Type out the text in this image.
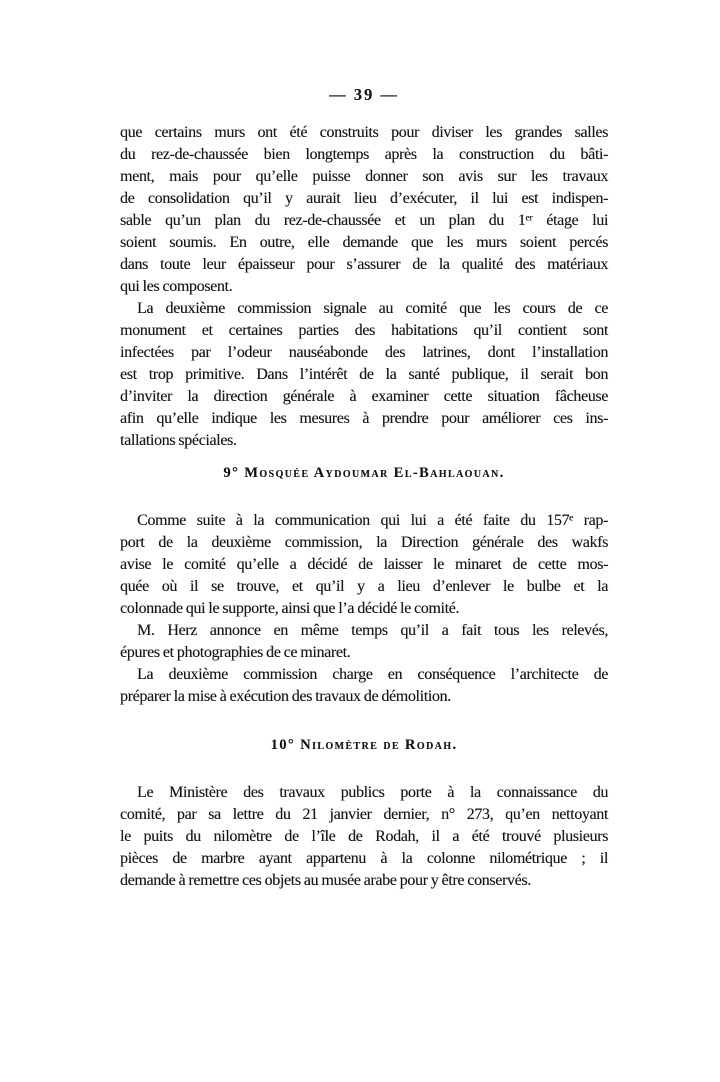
— 39 —
que certains murs ont été construits pour diviser les grandes salles
du rez-de-chaussée bien longtemps après la construction du bâti-
ment, mais pour qu’elle puisse donner son avis sur les travaux
de consolidation qu’il y aurait lieu d’exécuter, il lui est indispen-
sable qu’un plan du rez-de-chaussée et un plan du 1ᵉʳ étage lui
soient soumis. En outre, elle demande que les murs soient percés
dans toute leur épaisseur pour s’assurer de la qualité des matériaux
qui les composent.
La deuxième commission signale au comité que les cours de ce
monument et certaines parties des habitations qu’il contient sont
infectées par l’odeur nauséabonde des latrines, dont l’installation
est trop primitive. Dans l’intérêt de la santé publique, il serait bon
d’inviter la direction générale à examiner cette situation fâcheuse
afin qu’elle indique les mesures à prendre pour améliorer ces ins-
tallations spéciales.
9° Mosquée Aydoumar El-Bahlaouan.
Comme suite à la communication qui lui a été faite du 157ᵉ rap-
port de la deuxième commission, la Direction générale des wakfs
avise le comité qu’elle a décidé de laisser le minaret de cette mos-
quée où il se trouve, et qu’il y a lieu d’enlever le bulbe et la
colonnade qui le supporte, ainsi que l’a décidé le comité.
M. Herz annonce en même temps qu’il a fait tous les relevés,
épures et photographies de ce minaret.
La deuxième commission charge en conséquence l’architecte de
préparer la mise à exécution des travaux de démolition.
10° Nilomètre de Rodah.
Le Ministère des travaux publics porte à la connaissance du
comité, par sa lettre du 21 janvier dernier, n° 273, qu’en nettoyant
le puits du nilomètre de l’île de Rodah, il a été trouvé plusieurs
pièces de marbre ayant appartenu à la colonne nilométrique ; il
demande à remettre ces objets au musée arabe pour y être conservés.
